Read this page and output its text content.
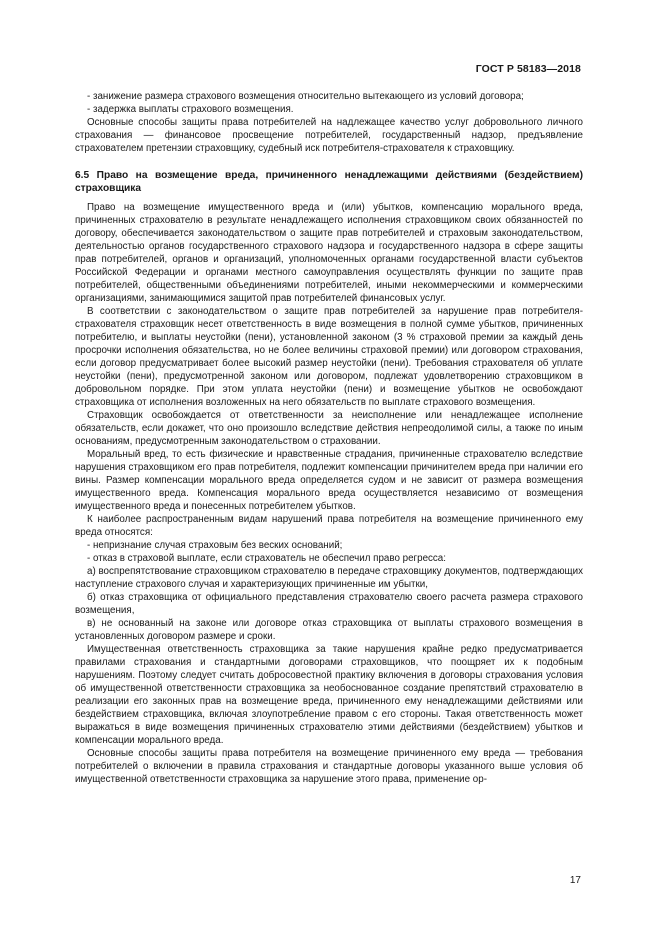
ГОСТ Р 58183—2018

- занижение размера страхового возмещения относительно вытекающего из условий договора;

- задержка выплаты страхового возмещения.

Основные способы защиты права потребителей на надлежащее качество услуг добровольного личного страхования — финансовое просвещение потребителей, государственный надзор, предъявление страхователем претензии страховщику, судебный иск потребителя-страхователя к страховщику.

6.5 Право на возмещение вреда, причиненного ненадлежащими действиями (бездействием) страховщика

Право на возмещение имущественного вреда и (или) убытков, компенсацию морального вреда, причиненных страхователю в результате ненадлежащего исполнения страховщиком своих обязанностей по договору, обеспечивается законодательством о защите прав потребителей и страховым законодательством, деятельностью органов государственного страхового надзора и государственного надзора в сфере защиты прав потребителей, органов и организаций, уполномоченных органами государственной власти субъектов Российской Федерации и органами местного самоуправления осуществлять функции по защите прав потребителей, общественными объединениями потребителей, иными некоммерческими и коммерческими организациями, занимающимися защитой прав потребителей финансовых услуг.

В соответствии с законодательством о защите прав потребителей за нарушение прав потребителя-страхователя страховщик несет ответственность в виде возмещения в полной сумме убытков, причиненных потребителю, и выплаты неустойки (пени), установленной законом (3 % страховой премии за каждый день просрочки исполнения обязательства, но не более величины страховой премии) или договором страхования, если договор предусматривает более высокий размер неустойки (пени). Требования страхователя об уплате неустойки (пени), предусмотренной законом или договором, подлежат удовлетворению страховщиком в добровольном порядке. При этом уплата неустойки (пени) и возмещение убытков не освобождают страховщика от исполнения возложенных на него обязательств по выплате страхового возмещения.

Страховщик освобождается от ответственности за неисполнение или ненадлежащее исполнение обязательств, если докажет, что оно произошло вследствие действия непреодолимой силы, а также по иным основаниям, предусмотренным законодательством о страховании.

Моральный вред, то есть физические и нравственные страдания, причиненные страхователю вследствие нарушения страховщиком его прав потребителя, подлежит компенсации причинителем вреда при наличии его вины. Размер компенсации морального вреда определяется судом и не зависит от размера возмещения имущественного вреда. Компенсация морального вреда осуществляется независимо от возмещения имущественного вреда и понесенных потребителем убытков.

К наиболее распространенным видам нарушений права потребителя на возмещение причиненного ему вреда относятся:

- непризнание случая страховым без веских оснований;

- отказ в страховой выплате, если страхователь не обеспечил право регресса:

а) воспрепятствование страховщиком страхователю в передаче страховщику документов, подтверждающих наступление страхового случая и характеризующих причиненные им убытки,

б) отказ страховщика от официального представления страхователю своего расчета размера страхового возмещения,

в) не основанный на законе или договоре отказ страховщика от выплаты страхового возмещения в установленных договором размере и сроки.

Имущественная ответственность страховщика за такие нарушения крайне редко предусматривается правилами страхования и стандартными договорами страховщиков, что поощряет их к подобным нарушениям. Поэтому следует считать добросовестной практику включения в договоры страхования условия об имущественной ответственности страховщика за необоснованное создание препятствий страхователю в реализации его законных прав на возмещение вреда, причиненного ему ненадлежащими действиями или бездействием страховщика, включая злоупотребление правом с его стороны. Такая ответственность может выражаться в виде возмещения причиненных страхователю этими действиями (бездействием) убытков и компенсации морального вреда.

Основные способы защиты права потребителя на возмещение причиненного ему вреда — требования потребителей о включении в правила страхования и стандартные договоры указанного выше условия об имущественной ответственности страховщика за нарушение этого права, применение ор-

17
